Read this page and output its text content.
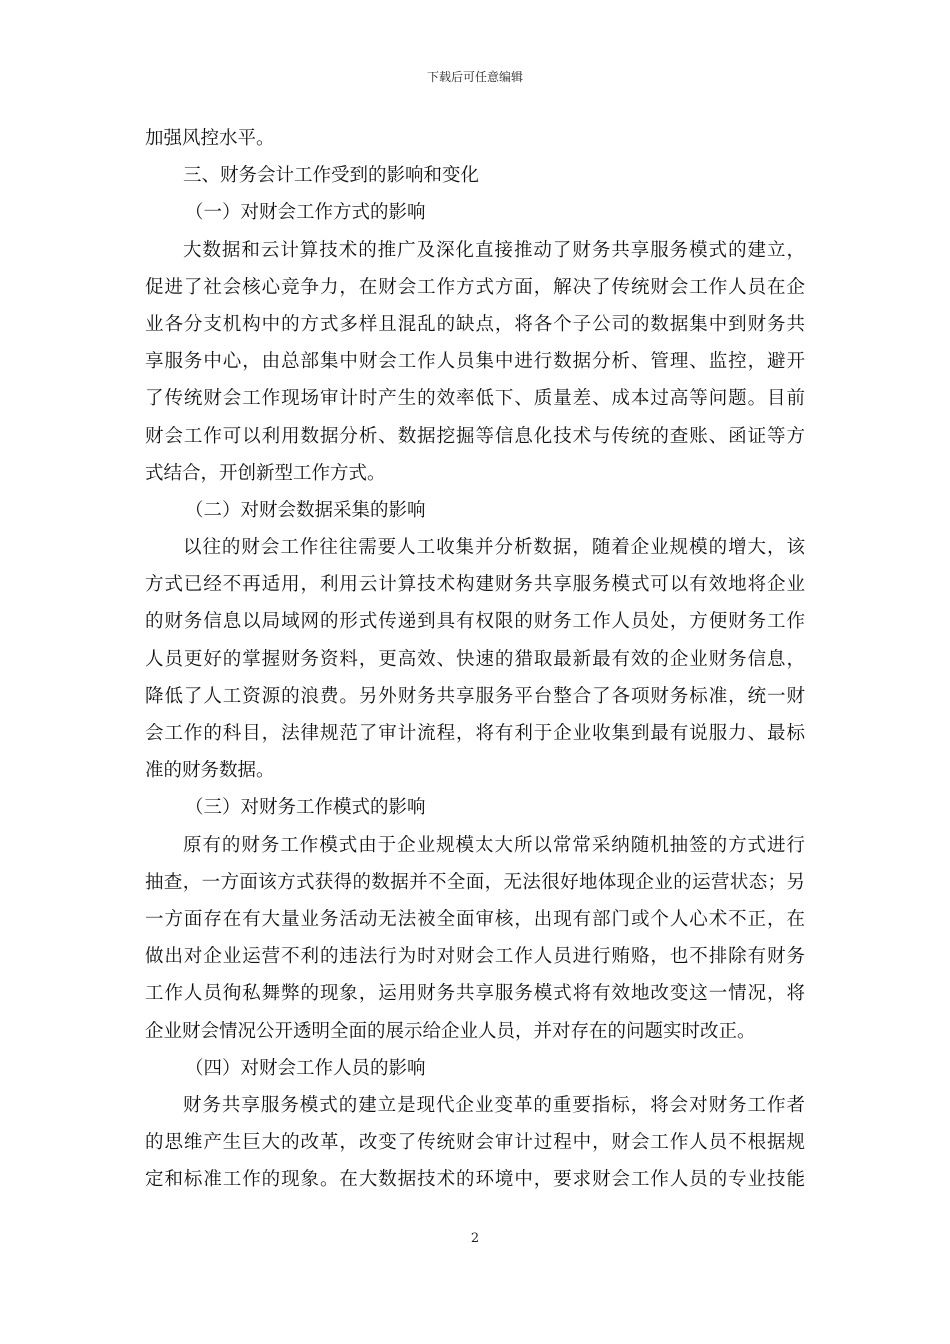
下载后可任意编辑
加强风控水平。
三、财务会计工作受到的影响和变化
（一）对财会工作方式的影响
大数据和云计算技术的推广及深化直接推动了财务共享服务模式的建立，
促进了社会核心竞争力，在财会工作方式方面，解决了传统财会工作人员在企
业各分支机构中的方式多样且混乱的缺点，将各个子公司的数据集中到财务共
享服务中心，由总部集中财会工作人员集中进行数据分析、管理、监控，避开
了传统财会工作现场审计时产生的效率低下、质量差、成本过高等问题。目前
财会工作可以利用数据分析、数据挖掘等信息化技术与传统的查账、函证等方
式结合，开创新型工作方式。
（二）对财会数据采集的影响
以往的财会工作往往需要人工收集并分析数据，随着企业规模的增大，该
方式已经不再适用，利用云计算技术构建财务共享服务模式可以有效地将企业
的财务信息以局域网的形式传递到具有权限的财务工作人员处，方便财务工作
人员更好的掌握财务资料，更高效、快速的猎取最新最有效的企业财务信息，
降低了人工资源的浪费。另外财务共享服务平台整合了各项财务标准，统一财
会工作的科目，法律规范了审计流程，将有利于企业收集到最有说服力、最标
准的财务数据。
（三）对财务工作模式的影响
原有的财务工作模式由于企业规模太大所以常常采纳随机抽签的方式进行
抽查，一方面该方式获得的数据并不全面，无法很好地体现企业的运营状态；另
一方面存在有大量业务活动无法被全面审核，出现有部门或个人心术不正，在
做出对企业运营不利的违法行为时对财会工作人员进行贿赂，也不排除有财务
工作人员徇私舞弊的现象，运用财务共享服务模式将有效地改变这一情况，将
企业财会情况公开透明全面的展示给企业人员，并对存在的问题实时改正。
（四）对财会工作人员的影响
财务共享服务模式的建立是现代企业变革的重要指标，将会对财务工作者
的思维产生巨大的改革，改变了传统财会审计过程中，财会工作人员不根据规
定和标准工作的现象。在大数据技术的环境中，要求财会工作人员的专业技能
2
